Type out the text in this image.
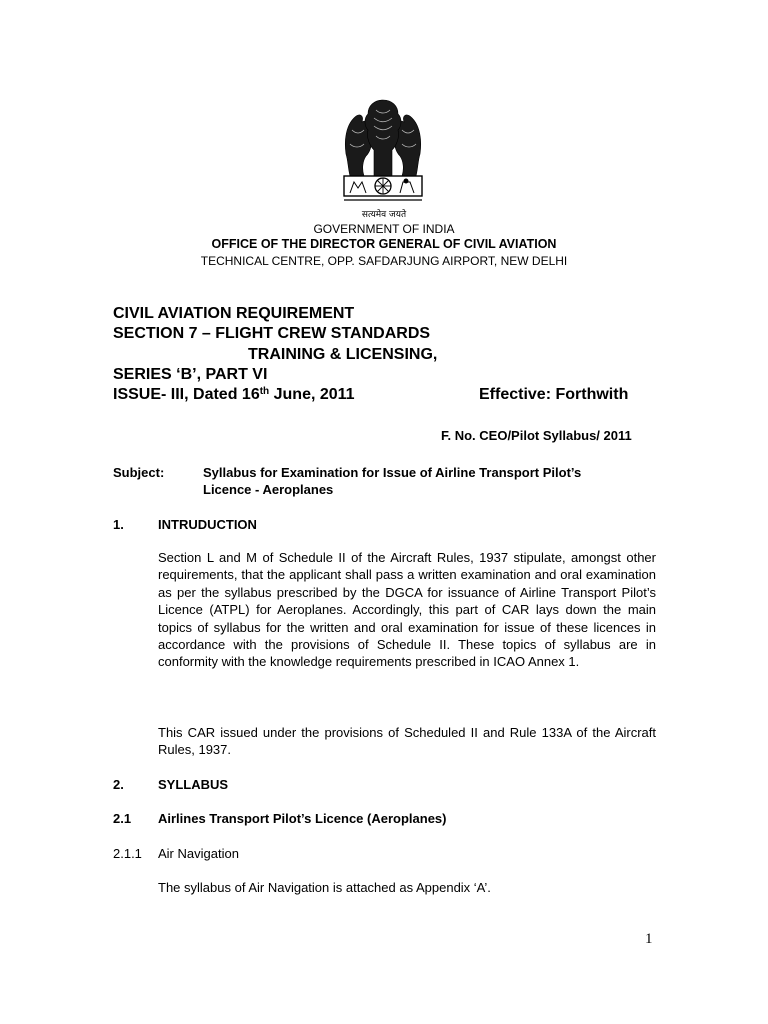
सत्यमेव जयते
GOVERNMENT OF INDIA
OFFICE OF THE DIRECTOR GENERAL OF CIVIL AVIATION
TECHNICAL CENTRE, OPP. SAFDARJUNG AIRPORT, NEW DELHI
CIVIL AVIATION REQUIREMENT
SECTION 7 – FLIGHT CREW STANDARDS
TRAINING & LICENSING,
SERIES ‘B’, PART VI
ISSUE- III, Dated 16th June, 2011	Effective: Forthwith
F. No. CEO/Pilot Syllabus/ 2011
Subject:	Syllabus for Examination for Issue of Airline Transport Pilot’s
Licence - Aeroplanes
1.	INTRUDUCTION
Section L and M of Schedule II of the Aircraft Rules, 1937 stipulate, amongst other requirements, that the applicant shall pass a written examination and oral examination as per the syllabus prescribed by the DGCA for issuance of Airline Transport Pilot’s Licence (ATPL) for Aeroplanes. Accordingly, this part of CAR lays down the main topics of syllabus for the written and oral examination for issue of these licences in accordance with the provisions of Schedule II. These topics of syllabus are in conformity with the knowledge requirements prescribed in ICAO Annex 1.
This CAR issued under the provisions of Scheduled II and Rule 133A of the Aircraft Rules, 1937.
2.	SYLLABUS
2.1 Airlines Transport Pilot’s Licence (Aeroplanes)
2.1.1 Air Navigation
The syllabus of Air Navigation is attached as Appendix ‘A’.
1
